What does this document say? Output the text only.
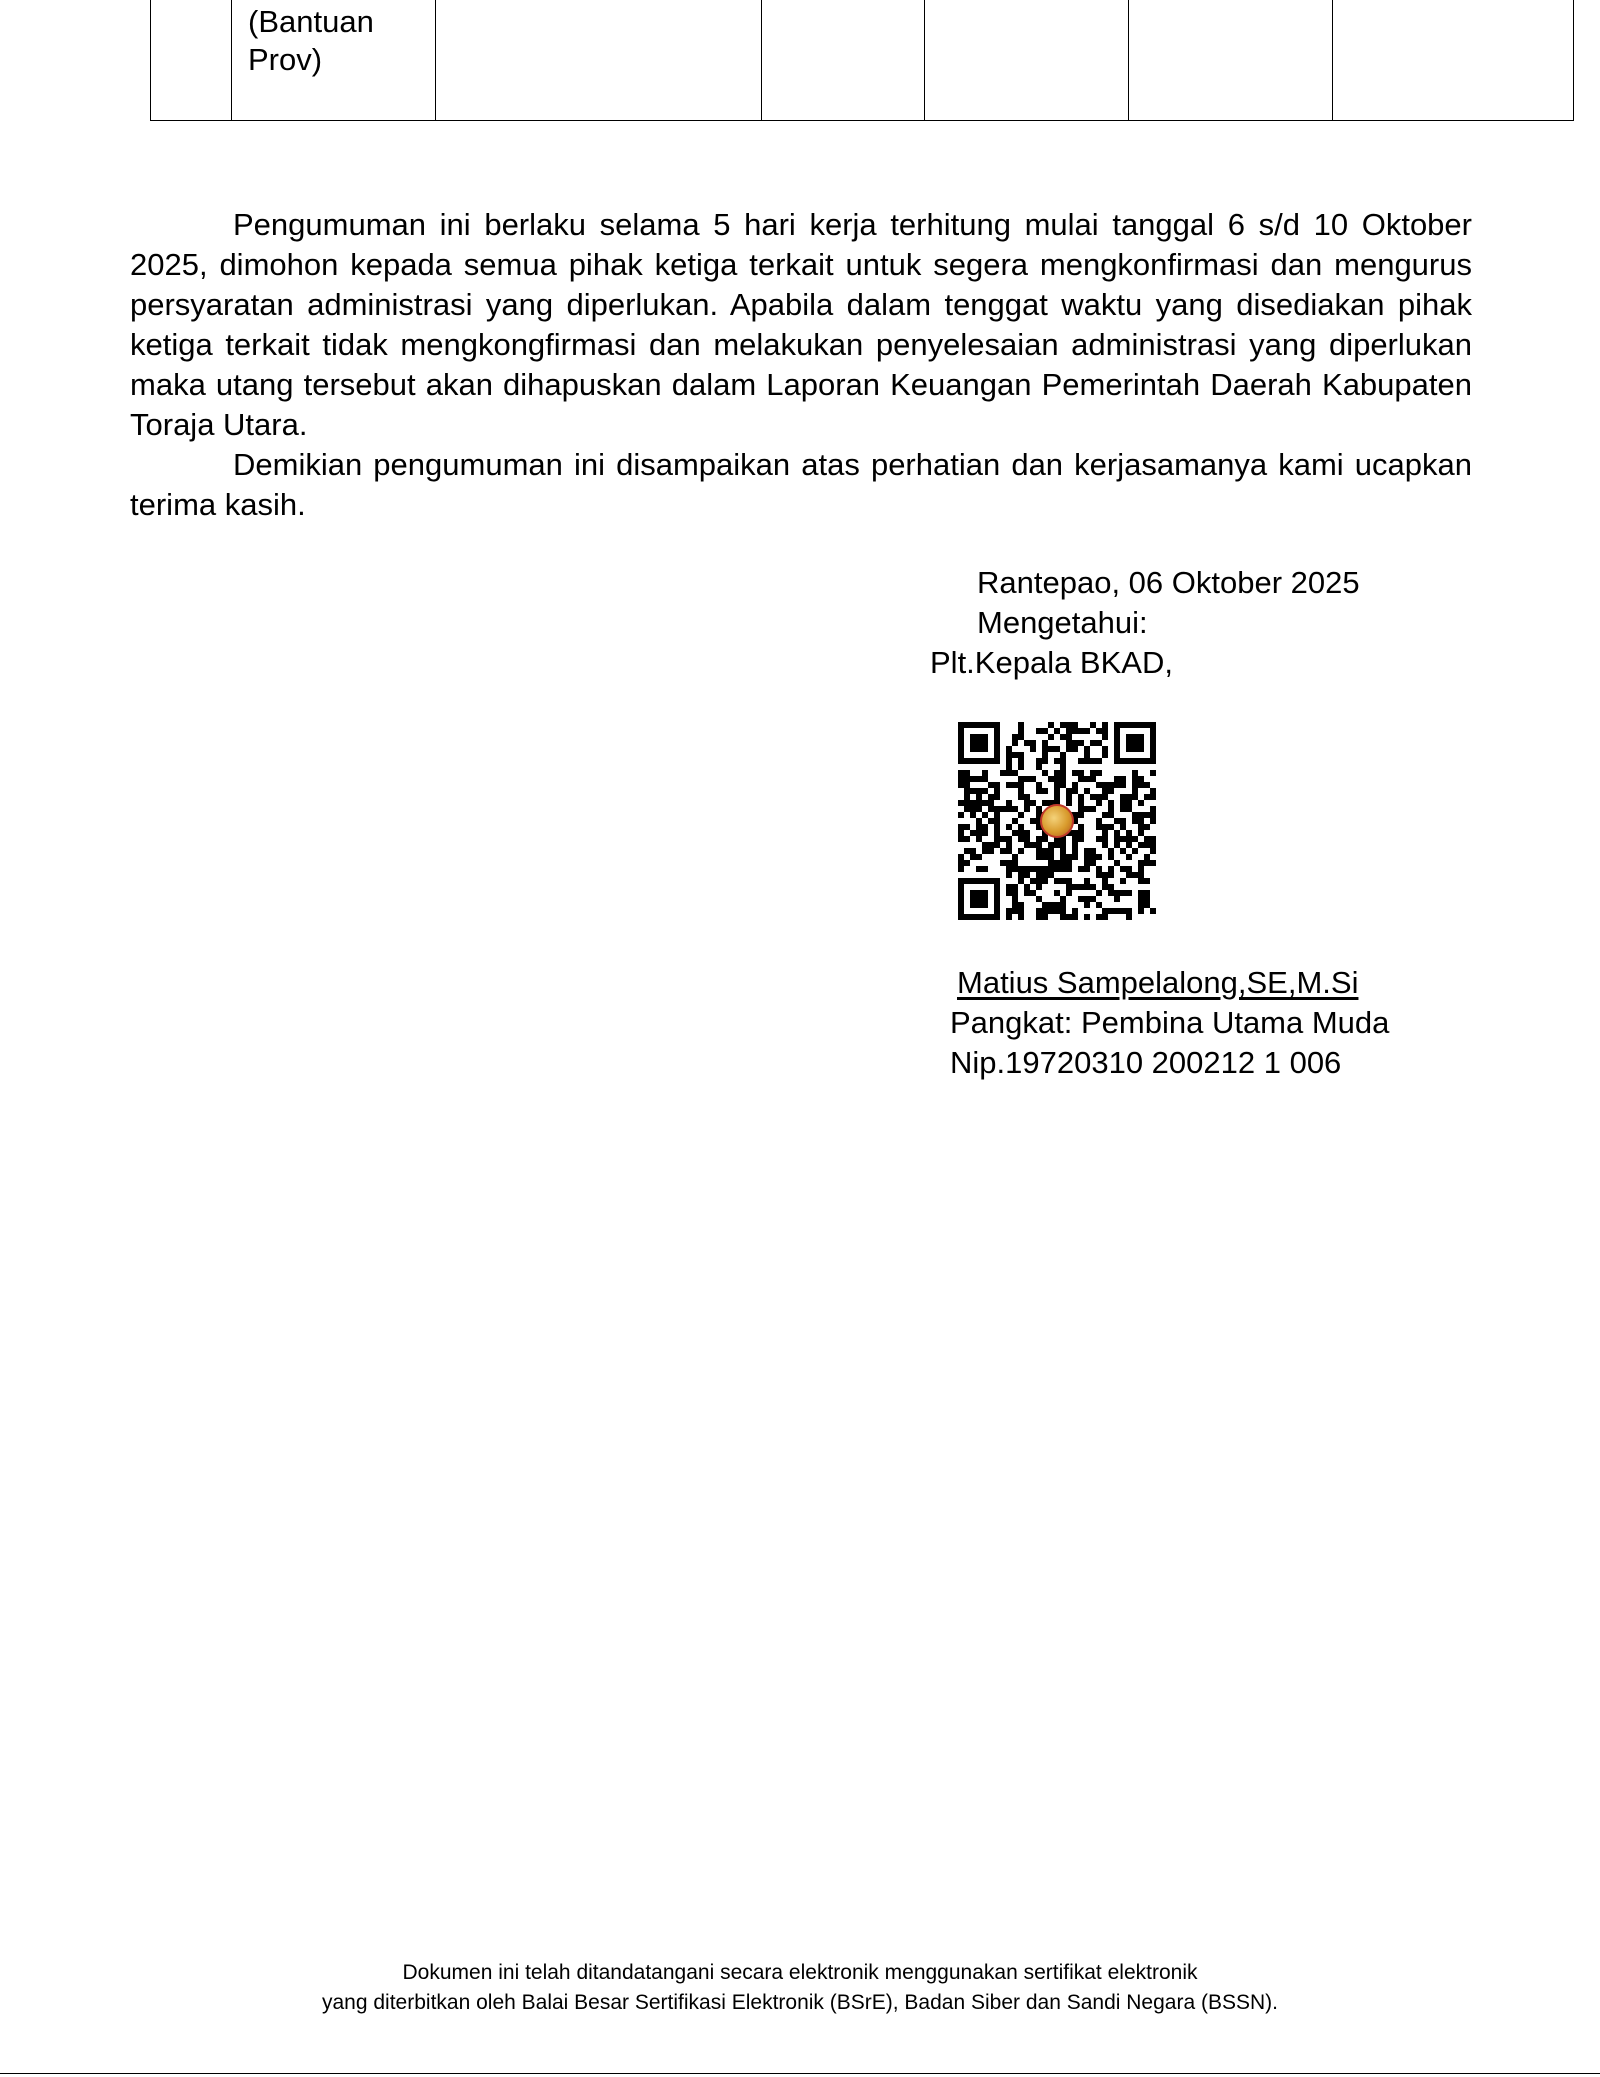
(Bantuan
Prov)

Pengumuman ini berlaku selama 5 hari kerja terhitung mulai tanggal 6 s/d 10 Oktober 2025, dimohon kepada semua pihak ketiga terkait untuk segera mengkonfirmasi dan mengurus persyaratan administrasi yang diperlukan. Apabila dalam tenggat waktu yang disediakan pihak ketiga terkait tidak mengkongfirmasi dan melakukan penyelesaian administrasi yang diperlukan maka utang tersebut akan dihapuskan dalam Laporan Keuangan Pemerintah Daerah Kabupaten Toraja Utara.

Demikian pengumuman ini disampaikan atas perhatian dan kerjasamanya kami ucapkan terima kasih.

Rantepao, 06 Oktober 2025
Mengetahui:
Plt.Kepala BKAD,
Matius Sampelalong,SE,M.Si
Pangkat: Pembina Utama Muda
Nip.19720310 200212 1 006
Dokumen ini telah ditandatangani secara elektronik menggunakan sertifikat elektronik
yang diterbitkan oleh Balai Besar Sertifikasi Elektronik (BSrE), Badan Siber dan Sandi Negara (BSSN).
